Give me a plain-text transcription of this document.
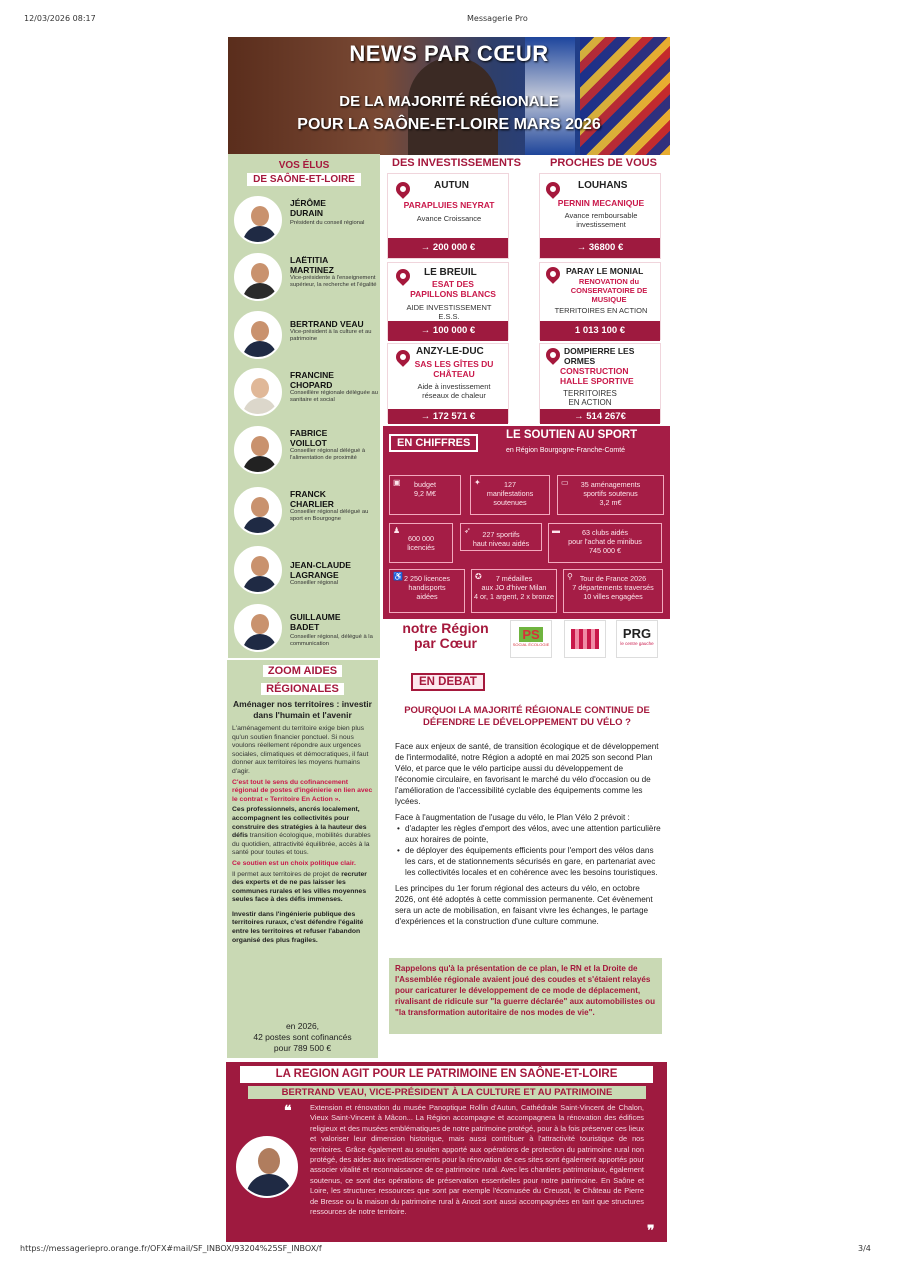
12/03/2026 08:17	Messagerie Pro
https://messageriepro.orange.fr/OFX#mail/SF_INBOX/93204%25SF_INBOX/f	3/4
NEWS PAR CŒUR
DE LA MAJORITÉ RÉGIONALE
POUR LA SAÔNE-ET-LOIRE MARS 2026
VOS ÉLUS
DE SAÔNE-ET-LOIRE
JÉRÔME
DURAIN
Président du conseil régional
LAËTITIA
MARTINEZ
Vice-présidente à l'enseignement supérieur, la recherche et l'égalité
BERTRAND VEAU
Vice-président à la culture et au patrimoine
FRANCINE
CHOPARD
Conseillère régionale déléguée au sanitaire et social
FABRICE
VOILLOT
Conseiller régional délégué à l'alimentation de proximité
FRANCK
CHARLIER
Conseiller régional délégué au sport en Bourgogne
JEAN-CLAUDE
LAGRANGE
Conseiller régional
GUILLAUME
BADET
Conseiller régional, délégué à la communication
DES INVESTISSEMENTS	PROCHES DE VOUS
AUTUN
PARAPLUIES NEYRAT
Avance Croissance
→ 200 000 €
LOUHANS
PERNIN MECANIQUE
Avance remboursable investissement
→ 36800 €
LE BREUIL
ESAT DES PAPILLONS BLANCS
AIDE INVESTISSEMENT E.S.S.
→ 100 000 €
PARAY LE MONIAL
RENOVATION du CONSERVATOIRE DE MUSIQUE
TERRITOIRES EN ACTION
1 013 100 €
ANZY-LE-DUC
SAS LES GÎTES DU CHÂTEAU
Aide à investissement réseaux de chaleur
→ 172 571 €
DOMPIERRE LES ORMES
CONSTRUCTION HALLE SPORTIVE
TERRITOIRES EN ACTION
→ 514 267€
EN CHIFFRES
LE SOUTIEN AU SPORT
en Région Bourgogne-Franche-Comté
▣ budget
9,2 M€
✦	127
manifestations
soutenues
▭ 35 aménagements
sportifs soutenus
3,2 m€
♟
600 000
licenciés
➶ 227 sportifs
haut niveau aidés
▬	63 clubs aidés
pour l'achat de minibus
745 000 €
♿ 2 250 licences
handisports
aidées
✪ 7 médailles
aux JO d'hiver Milan
4 or, 1 argent, 2 x bronze
⚲ Tour de France 2026
7 départements traversés
10 villes engagées
notre Région par Cœur
PS
SOCIAL ÉCOLOGIE
PRG
le centre gauche
ZOOM AIDES
RÉGIONALES
Aménager nos territoires : investir dans l'humain et l'avenir

L'aménagement du territoire exige bien plus qu'un soutien financier ponctuel. Si nous voulons réellement répondre aux urgences sociales, climatiques et démocratiques, il faut donner aux territoires les moyens humains d'agir.

C'est tout le sens du cofinancement régional de postes d'ingénierie en lien avec le contrat « Territoire En Action ».

Ces professionnels, ancrés localement, accompagnent les collectivités pour construire des stratégies à la hauteur des défis transition écologique, mobilités durables du quotidien, attractivité équilibrée, accès à la santé pour toutes et tous.

Ce soutien est un choix politique clair.

Il permet aux territoires de projet de recruter des experts et de ne pas laisser les communes rurales et les villes moyennes seules face à des défis immenses.

Investir dans l'ingénierie publique des territoires ruraux, c'est défendre l'égalité entre les territoires et refuser l'abandon organisé des plus fragiles.

en 2026,
42 postes sont cofinancés
pour 789 500 €
EN DEBAT
POURQUOI LA MAJORITÉ RÉGIONALE CONTINUE DE DÉFENDRE LE DÉVELOPPEMENT DU VÉLO ?

Face aux enjeux de santé, de transition écologique et de développement de l'intermodalité, notre Région a adopté en mai 2025 son second Plan Vélo, et parce que le vélo participe aussi du développement de l'économie circulaire, en favorisant le marché du vélo d'occasion ou de l'amélioration de l'accessibilité cyclable des équipements comme les lycées.

Face à l'augmentation de l'usage du vélo, le Plan Vélo 2 prévoit :

• d'adapter les règles d'emport des vélos, avec une attention particulière aux horaires de pointe,
• de déployer des équipements efficients pour l'emport des vélos dans les cars, et de stationnements sécurisés en gare, en partenariat avec les collectivités locales et en cohérence avec les besoins touristiques.

Les principes du 1er forum régional des acteurs du vélo, en octobre 2026, ont été adoptés à cette commission permanente. Cet évènement sera un acte de mobilisation, en faisant vivre les échanges, le partage d'expériences et la construction d'une culture commune.

Rappelons qu'à la présentation de ce plan, le RN et la Droite de l'Assemblée régionale avaient joué des coudes et s'étaient relayés pour caricaturer le développement de ce mode de déplacement, rivalisant de ridicule sur "la guerre déclarée" aux automobilistes ou "la transformation autoritaire de nos modes de vie".
LA REGION AGIT POUR LE PATRIMOINE EN SAÔNE-ET-LOIRE
BERTRAND VEAU, VICE-PRÉSIDENT À LA CULTURE ET AU PATRIMOINE
❝ Extension et rénovation du musée Panoptique Rollin d'Autun, Cathédrale Saint-Vincent de Chalon, Vieux Saint-Vincent à Mâcon... La Région accompagne et accompagnera la rénovation des édifices religieux et des musées emblématiques de notre patrimoine protégé, pour à la fois préserver ces lieux et valoriser leur dimension historique, mais aussi contribuer à l'attractivité touristique de nos territoires. Grâce également au soutien apporté aux opérations de protection du patrimoine rural non protégé, des aides aux investissements pour la rénovation de ces sites sont également apportés pour associer vitalité et reconnaissance de ce patrimoine rural. Avec les chantiers patrimoniaux, également soutenus, ce sont des opérations de préservation essentielles pour notre patrimoine. En Saône et Loire, les structures ressources que sont par exemple l'écomusée du Creusot, le Château de Pierre de Bresse ou la maison du patrimoine rural à Anost sont aussi accompagnées en tant que structures ressources de notre territoire.
❞
